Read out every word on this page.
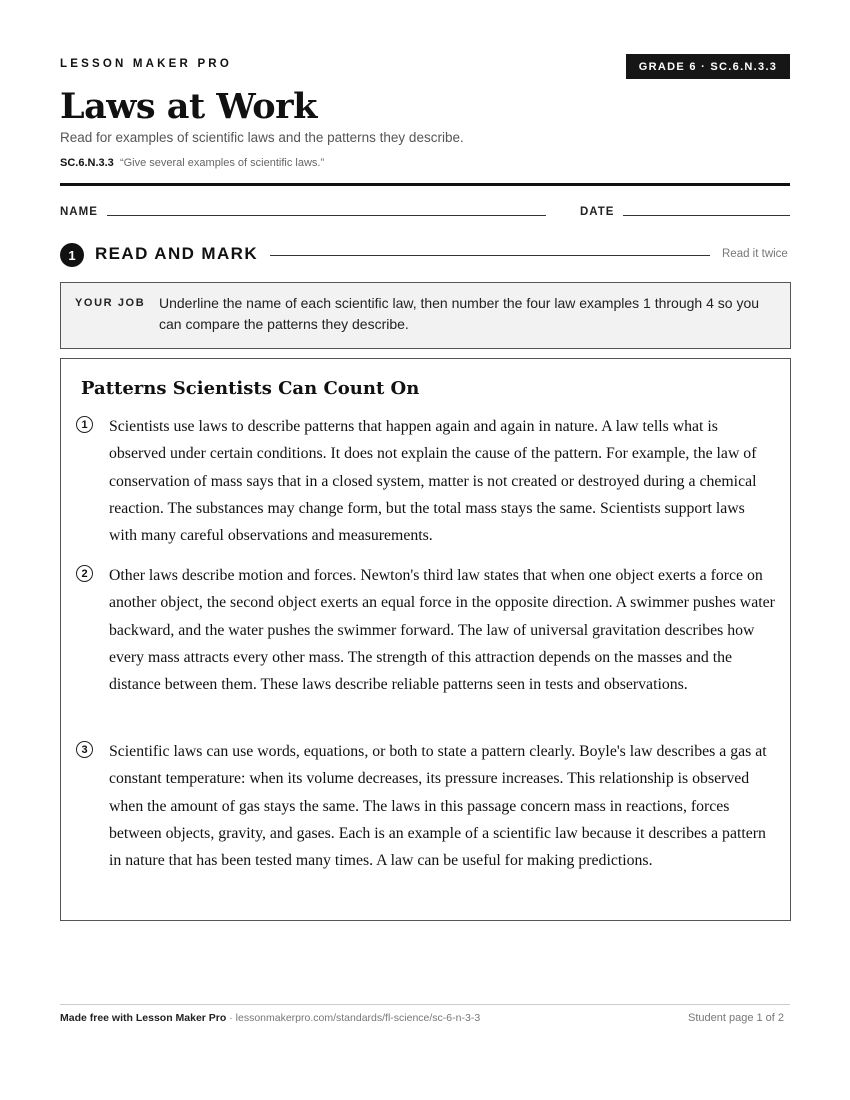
LESSON MAKER PRO	GRADE 6 · SC.6.N.3.3
Laws at Work
Read for examples of scientific laws and the patterns they describe.
SC.6.N.3.3 “Give several examples of scientific laws.”
NAME	DATE
1	READ AND MARK	Read it twice
YOUR JOB Underline the name of each scientific law, then number the four law examples 1 through 4 so you can compare the patterns they describe.
Patterns Scientists Can Count On
1	Scientists use laws to describe patterns that happen again and again in nature. A law tells what is observed under certain conditions. It does not explain the cause of the pattern. For example, the law of conservation of mass says that in a closed system, matter is not created or destroyed during a chemical reaction. The substances may change form, but the total mass stays the same. Scientists support laws with many careful observations and measurements.
2	Other laws describe motion and forces. Newton's third law states that when one object exerts a force on another object, the second object exerts an equal force in the opposite direction. A swimmer pushes water backward, and the water pushes the swimmer forward. The law of universal gravitation describes how every mass attracts every other mass. The strength of this attraction depends on the masses and the distance between them. These laws describe reliable patterns seen in tests and observations.
3	Scientific laws can use words, equations, or both to state a pattern clearly. Boyle's law describes a gas at constant temperature: when its volume decreases, its pressure increases. This relationship is observed when the amount of gas stays the same. The laws in this passage concern mass in reactions, forces between objects, gravity, and gases. Each is an example of a scientific law because it describes a pattern in nature that has been tested many times. A law can be useful for making predictions.
Made free with Lesson Maker Pro · lessonmakerpro.com/standards/fl-science/sc-6-n-3-3	Student page 1 of 2
